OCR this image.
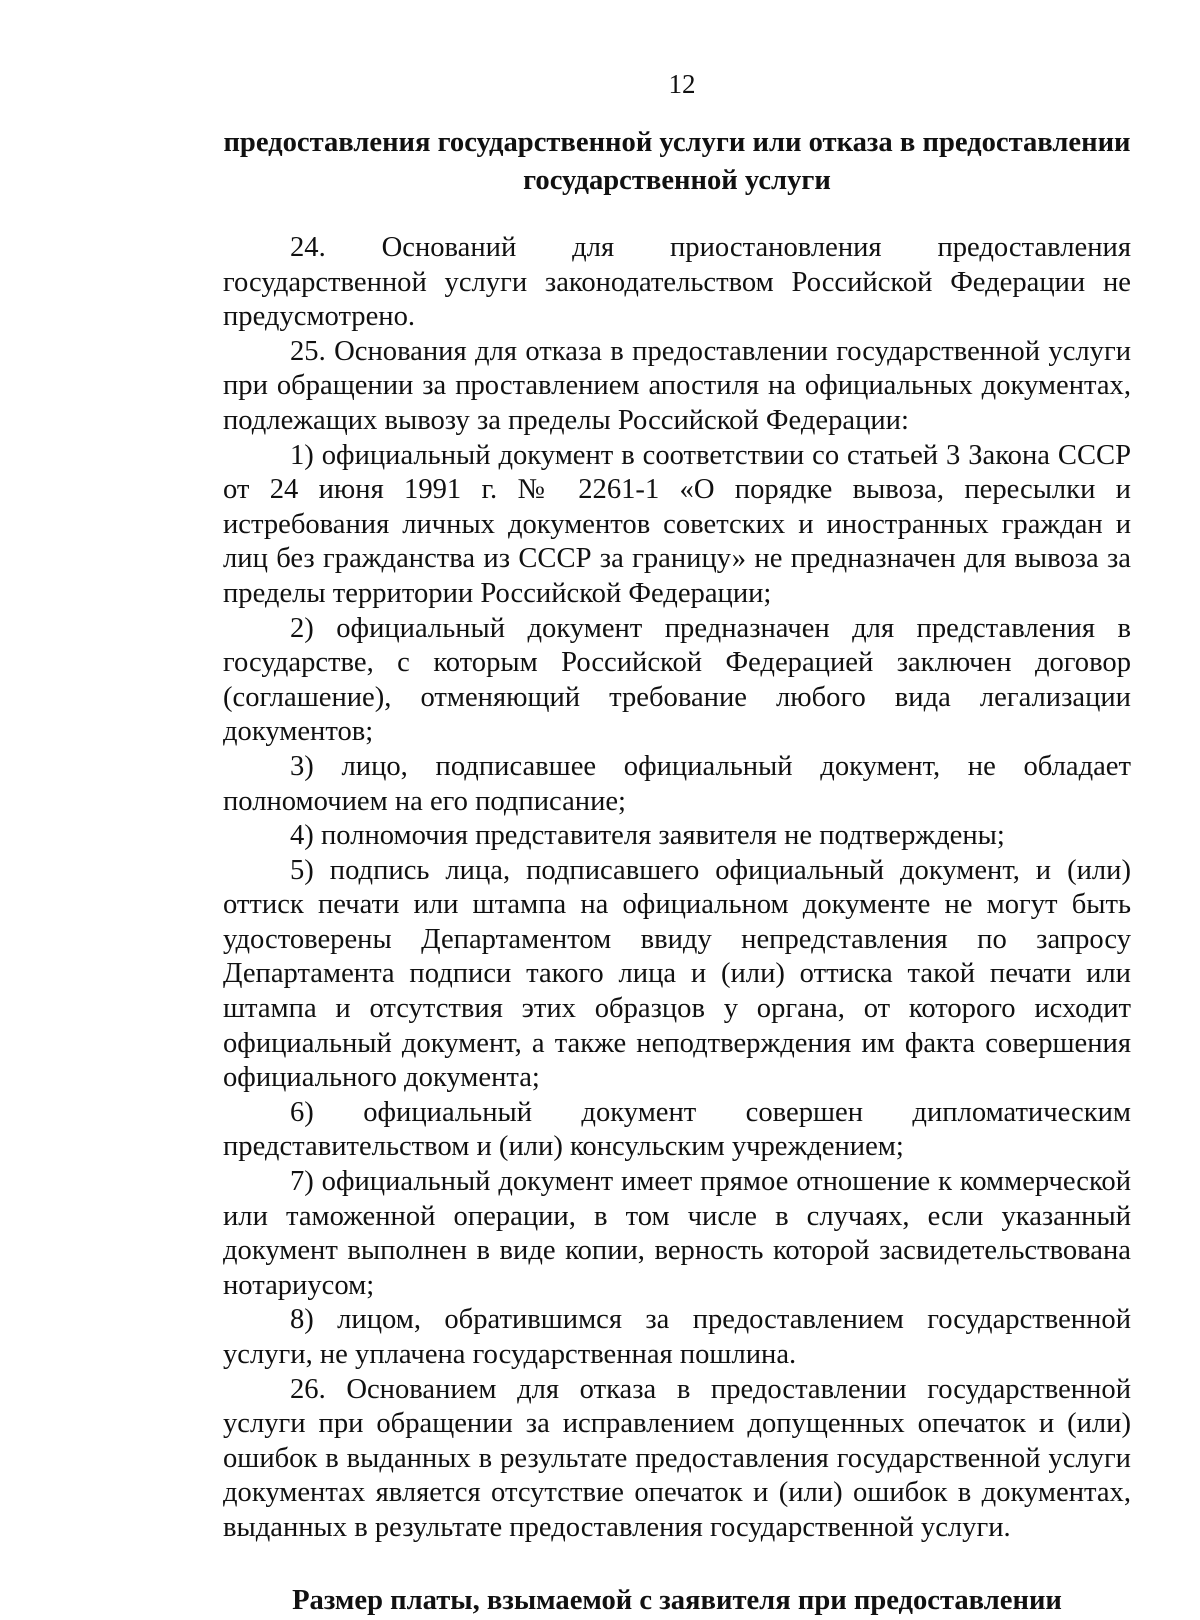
12

предоставления государственной услуги или отказа в предоставлении государственной услуги

24. Оснований для приостановления предоставления государственной услуги законодательством Российской Федерации не предусмотрено.

25. Основания для отказа в предоставлении государственной услуги при обращении за проставлением апостиля на официальных документах, подлежащих вывозу за пределы Российской Федерации:

1) официальный документ в соответствии со статьей 3 Закона СССР от 24 июня 1991 г. № 2261-1 «О порядке вывоза, пересылки и истребования личных документов советских и иностранных граждан и лиц без гражданства из СССР за границу» не предназначен для вывоза за пределы территории Российской Федерации;

2) официальный документ предназначен для представления в государстве, с которым Российской Федерацией заключен договор (соглашение), отменяющий требование любого вида легализации документов;

3) лицо, подписавшее официальный документ, не обладает полномочием на его подписание;

4) полномочия представителя заявителя не подтверждены;

5) подпись лица, подписавшего официальный документ, и (или) оттиск печати или штампа на официальном документе не могут быть удостоверены Департаментом ввиду непредставления по запросу Департамента подписи такого лица и (или) оттиска такой печати или штампа и отсутствия этих образцов у органа, от которого исходит официальный документ, а также неподтверждения им факта совершения официального документа;

6) официальный документ совершен дипломатическим представительством и (или) консульским учреждением;

7) официальный документ имеет прямое отношение к коммерческой или таможенной операции, в том числе в случаях, если указанный документ выполнен в виде копии, верность которой засвидетельствована нотариусом;

8) лицом, обратившимся за предоставлением государственной услуги, не уплачена государственная пошлина.

26. Основанием для отказа в предоставлении государственной услуги при обращении за исправлением допущенных опечаток и (или) ошибок в выданных в результате предоставления государственной услуги документах является отсутствие опечаток и (или) ошибок в документах, выданных в результате предоставления государственной услуги.

Размер платы, взымаемой с заявителя при предоставлении
